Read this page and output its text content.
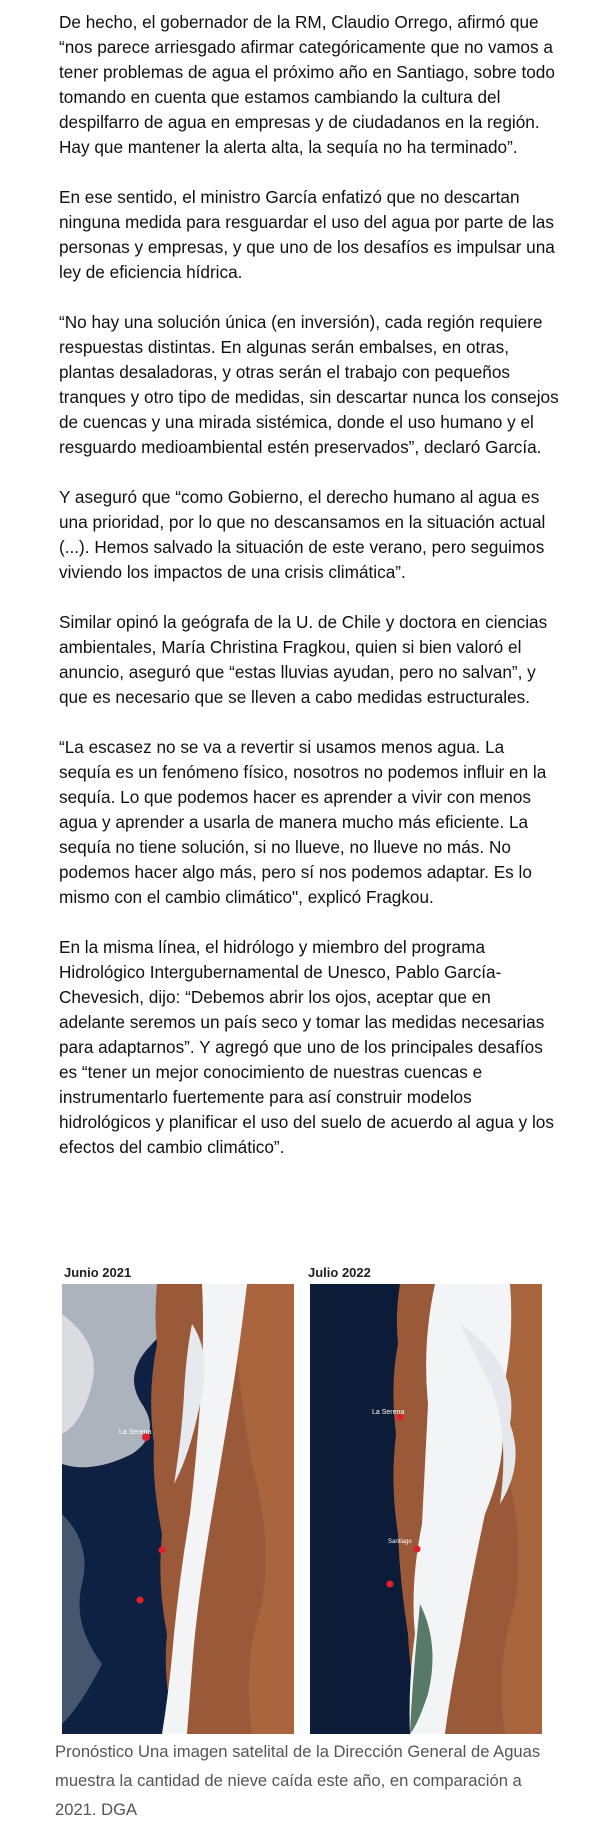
De hecho, el gobernador de la RM, Claudio Orrego, afirmó que “nos parece arriesgado afirmar categóricamente que no vamos a tener problemas de agua el próximo año en Santiago, sobre todo tomando en cuenta que estamos cambiando la cultura del despilfarro de agua en empresas y de ciudadanos en la región. Hay que mantener la alerta alta, la sequía no ha terminado”.

En ese sentido, el ministro García enfatizó que no descartan ninguna medida para resguardar el uso del agua por parte de las personas y empresas, y que uno de los desafíos es impulsar una ley de eficiencia hídrica.

“No hay una solución única (en inversión), cada región requiere respuestas distintas. En algunas serán embalses, en otras, plantas desaladoras, y otras serán el trabajo con pequeños tranques y otro tipo de medidas, sin descartar nunca los consejos de cuencas y una mirada sistémica, donde el uso humano y el resguardo medioambiental estén preservados”, declaró García.

Y aseguró que “como Gobierno, el derecho humano al agua es una prioridad, por lo que no descansamos en la situación actual (...). Hemos salvado la situación de este verano, pero seguimos viviendo los impactos de una crisis climática”.

Similar opinó la geógrafa de la U. de Chile y doctora en ciencias ambientales, María Christina Fragkou, quien si bien valoró el anuncio, aseguró que “estas lluvias ayudan, pero no salvan”, y que es necesario que se lleven a cabo medidas estructurales.

“La escasez no se va a revertir si usamos menos agua. La sequía es un fenómeno físico, nosotros no podemos influir en la sequía. Lo que podemos hacer es aprender a vivir con menos agua y aprender a usarla de manera mucho más eficiente. La sequía no tiene solución, si no llueve, no llueve no más. No podemos hacer algo más, pero sí nos podemos adaptar. Es lo mismo con el cambio climático", explicó Fragkou.

En la misma línea, el hidrólogo y miembro del programa Hidrológico Intergubernamental de Unesco, Pablo García-Chevesich, dijo: “Debemos abrir los ojos, aceptar que en adelante seremos un país seco y tomar las medidas necesarias para adaptarnos”. Y agregó que uno de los principales desafíos es “tener un mejor conocimiento de nuestras cuencas e instrumentarlo fuertemente para así construir modelos hidrológicos y planificar el uso del suelo de acuerdo al agua y los efectos del cambio climático”.

Junio 2021	Julio 2022
La Serena
La Serena
Santiago
Pronóstico Una imagen satelital de la Dirección General de Aguas muestra la cantidad de nieve caída este año, en comparación a 2021. DGA
